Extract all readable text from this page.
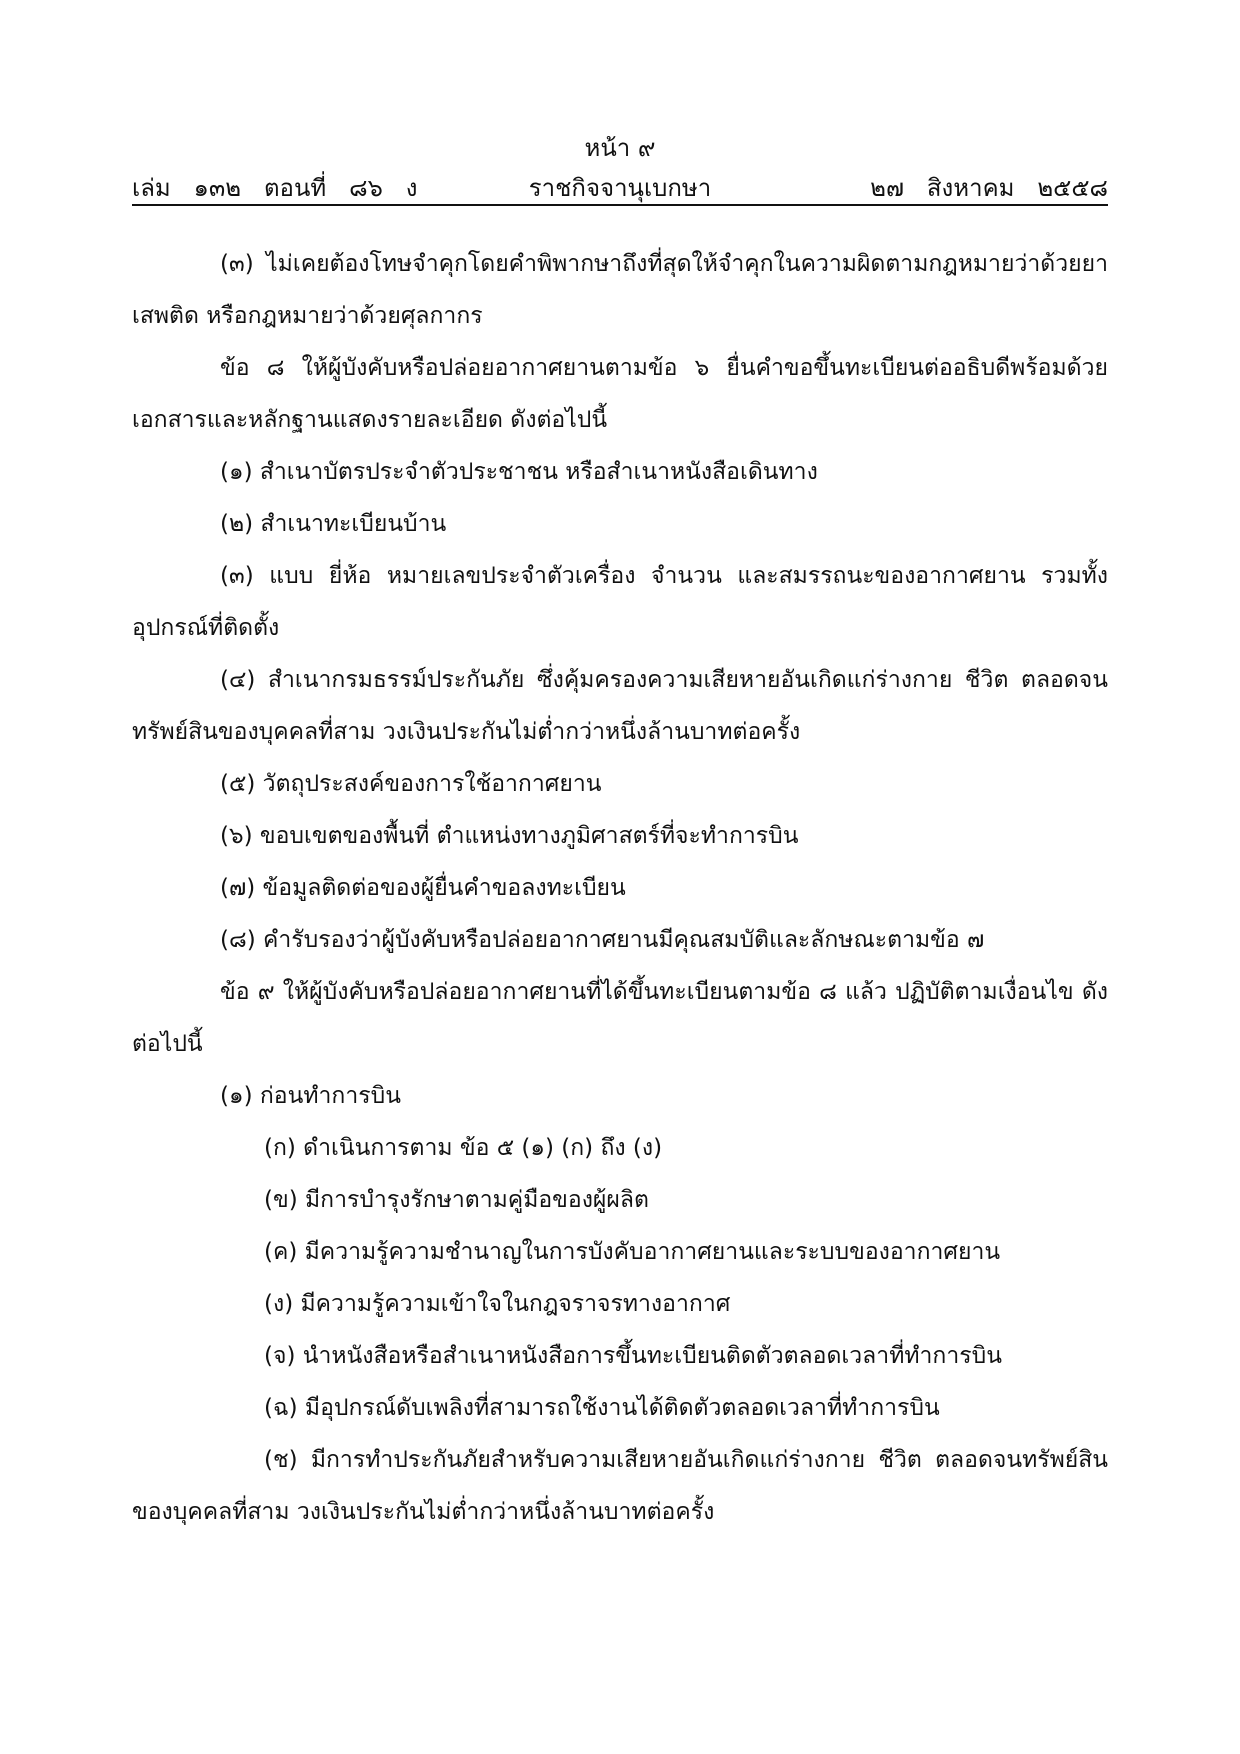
หน้า ๙
เล่ม   ๑๓๒   ตอนที่   ๘๖   ง	ราชกิจจานุเบกษา	๒๗   สิงหาคม   ๒๕๕๘

(๓) ไม่เคยต้องโทษจำคุกโดยคำพิพากษาถึงที่สุดให้จำคุกในความผิดตามกฎหมายว่าด้วยยาเสพติด หรือกฎหมายว่าด้วยศุลกากร

ข้อ ๘ ให้ผู้บังคับหรือปล่อยอากาศยานตามข้อ ๖ ยื่นคำขอขึ้นทะเบียนต่ออธิบดีพร้อมด้วย เอกสารและหลักฐานแสดงรายละเอียด ดังต่อไปนี้

(๑) สำเนาบัตรประจำตัวประชาชน หรือสำเนาหนังสือเดินทาง

(๒) สำเนาทะเบียนบ้าน

(๓) แบบ ยี่ห้อ หมายเลขประจำตัวเครื่อง จำนวน และสมรรถนะของอากาศยาน รวมทั้ง อุปกรณ์ที่ติดตั้ง

(๔) สำเนากรมธรรม์ประกันภัย ซึ่งคุ้มครองความเสียหายอันเกิดแก่ร่างกาย ชีวิต ตลอดจน ทรัพย์สินของบุคคลที่สาม วงเงินประกันไม่ต่ำกว่าหนึ่งล้านบาทต่อครั้ง

(๕) วัตถุประสงค์ของการใช้อากาศยาน

(๖) ขอบเขตของพื้นที่ ตำแหน่งทางภูมิศาสตร์ที่จะทำการบิน

(๗) ข้อมูลติดต่อของผู้ยื่นคำขอลงทะเบียน

(๘) คำรับรองว่าผู้บังคับหรือปล่อยอากาศยานมีคุณสมบัติและลักษณะตามข้อ ๗

ข้อ ๙ ให้ผู้บังคับหรือปล่อยอากาศยานที่ได้ขึ้นทะเบียนตามข้อ ๘ แล้ว ปฏิบัติตามเงื่อนไข ดังต่อไปนี้

(๑) ก่อนทำการบิน

(ก) ดำเนินการตาม ข้อ ๕ (๑) (ก) ถึง (ง)

(ข) มีการบำรุงรักษาตามคู่มือของผู้ผลิต

(ค) มีความรู้ความชำนาญในการบังคับอากาศยานและระบบของอากาศยาน

(ง) มีความรู้ความเข้าใจในกฎจราจรทางอากาศ

(จ) นำหนังสือหรือสำเนาหนังสือการขึ้นทะเบียนติดตัวตลอดเวลาที่ทำการบิน

(ฉ) มีอุปกรณ์ดับเพลิงที่สามารถใช้งานได้ติดตัวตลอดเวลาที่ทำการบิน

(ช) มีการทำประกันภัยสำหรับความเสียหายอันเกิดแก่ร่างกาย ชีวิต ตลอดจนทรัพย์สิน ของบุคคลที่สาม วงเงินประกันไม่ต่ำกว่าหนึ่งล้านบาทต่อครั้ง
